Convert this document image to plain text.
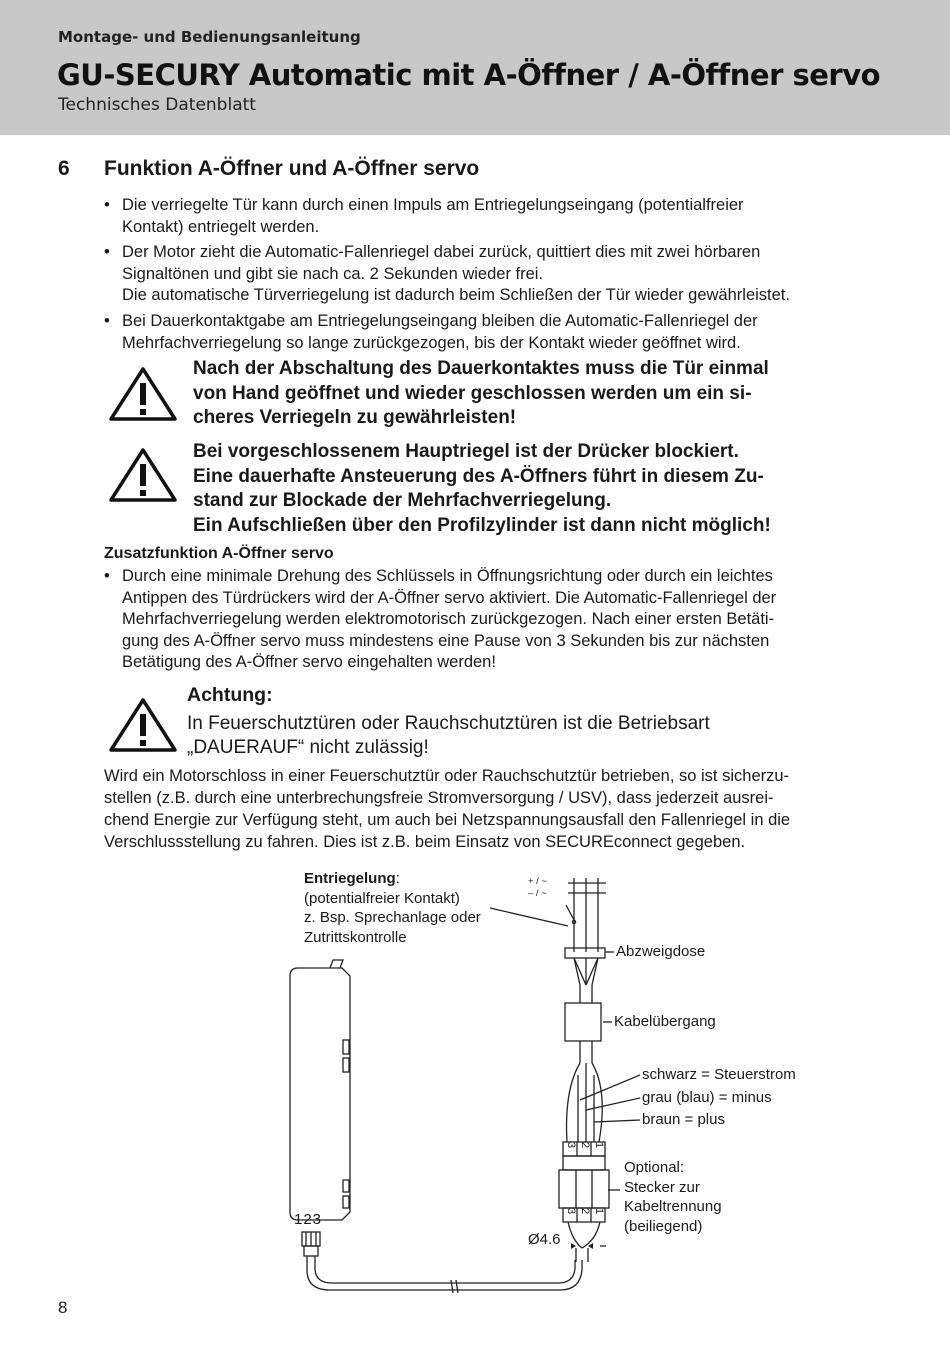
Montage- und Bedienungsanleitung
GU-SECURY Automatic mit A-Öffner / A-Öffner servo
Technisches Datenblatt
6 Funktion A-Öffner und A-Öffner servo
• Die verriegelte Tür kann durch einen Impuls am Entriegelungseingang (potentialfreier
Kontakt) entriegelt werden.
• Der Motor zieht die Automatic-Fallenriegel dabei zurück, quittiert dies mit zwei hörbaren
Signaltönen und gibt sie nach ca. 2 Sekunden wieder frei.
Die automatische Türverriegelung ist dadurch beim Schließen der Tür wieder gewährleistet.
• Bei Dauerkontaktgabe am Entriegelungseingang bleiben die Automatic-Fallenriegel der
Mehrfachverriegelung so lange zurückgezogen, bis der Kontakt wieder geöffnet wird.
Nach der Abschaltung des Dauerkontaktes muss die Tür einmal
von Hand geöffnet und wieder geschlossen werden um ein si-
cheres Verriegeln zu gewährleisten!
Bei vorgeschlossenem Hauptriegel ist der Drücker blockiert.
Eine dauerhafte Ansteuerung des A-Öffners führt in diesem Zu-
stand zur Blockade der Mehrfachverriegelung.
Ein Aufschließen über den Profilzylinder ist dann nicht möglich!
Zusatzfunktion A-Öffner servo
• Durch eine minimale Drehung des Schlüssels in Öffnungsrichtung oder durch ein leichtes
Antippen des Türdrückers wird der A-Öffner servo aktiviert. Die Automatic-Fallenriegel der
Mehrfachverriegelung werden elektromotorisch zurückgezogen. Nach einer ersten Betäti-
gung des A-Öffner servo muss mindestens eine Pause von 3 Sekunden bis zur nächsten
Betätigung des A-Öffner servo eingehalten werden!
Achtung:
In Feuerschutztüren oder Rauchschutztüren ist die Betriebsart
„DAUERAUF“ nicht zulässig!
Wird ein Motorschloss in einer Feuerschutztür oder Rauchschutztür betrieben, so ist sicherzu-
stellen (z.B. durch eine unterbrechungsfreie Stromversorgung / USV), dass jederzeit ausrei-
chend Energie zur Verfügung steht, um auch bei Netzspannungsausfall den Fallenriegel in die
Verschlussstellung zu fahren. Dies ist z.B. beim Einsatz von SECUREconnect gegeben.
Entriegelung:
(potentialfreier Kontakt)
z. Bsp. Sprechanlage oder
Zutrittskontrolle
+ / ~
– / ~
Abzweigdose
Kabelübergang
schwarz = Steuerstrom
grau (blau) = minus
braun = plus
Optional:
Stecker zur
Kabeltrennung
(beiliegend)
123
Ø4.6
3 2 1
3 2 1
8
